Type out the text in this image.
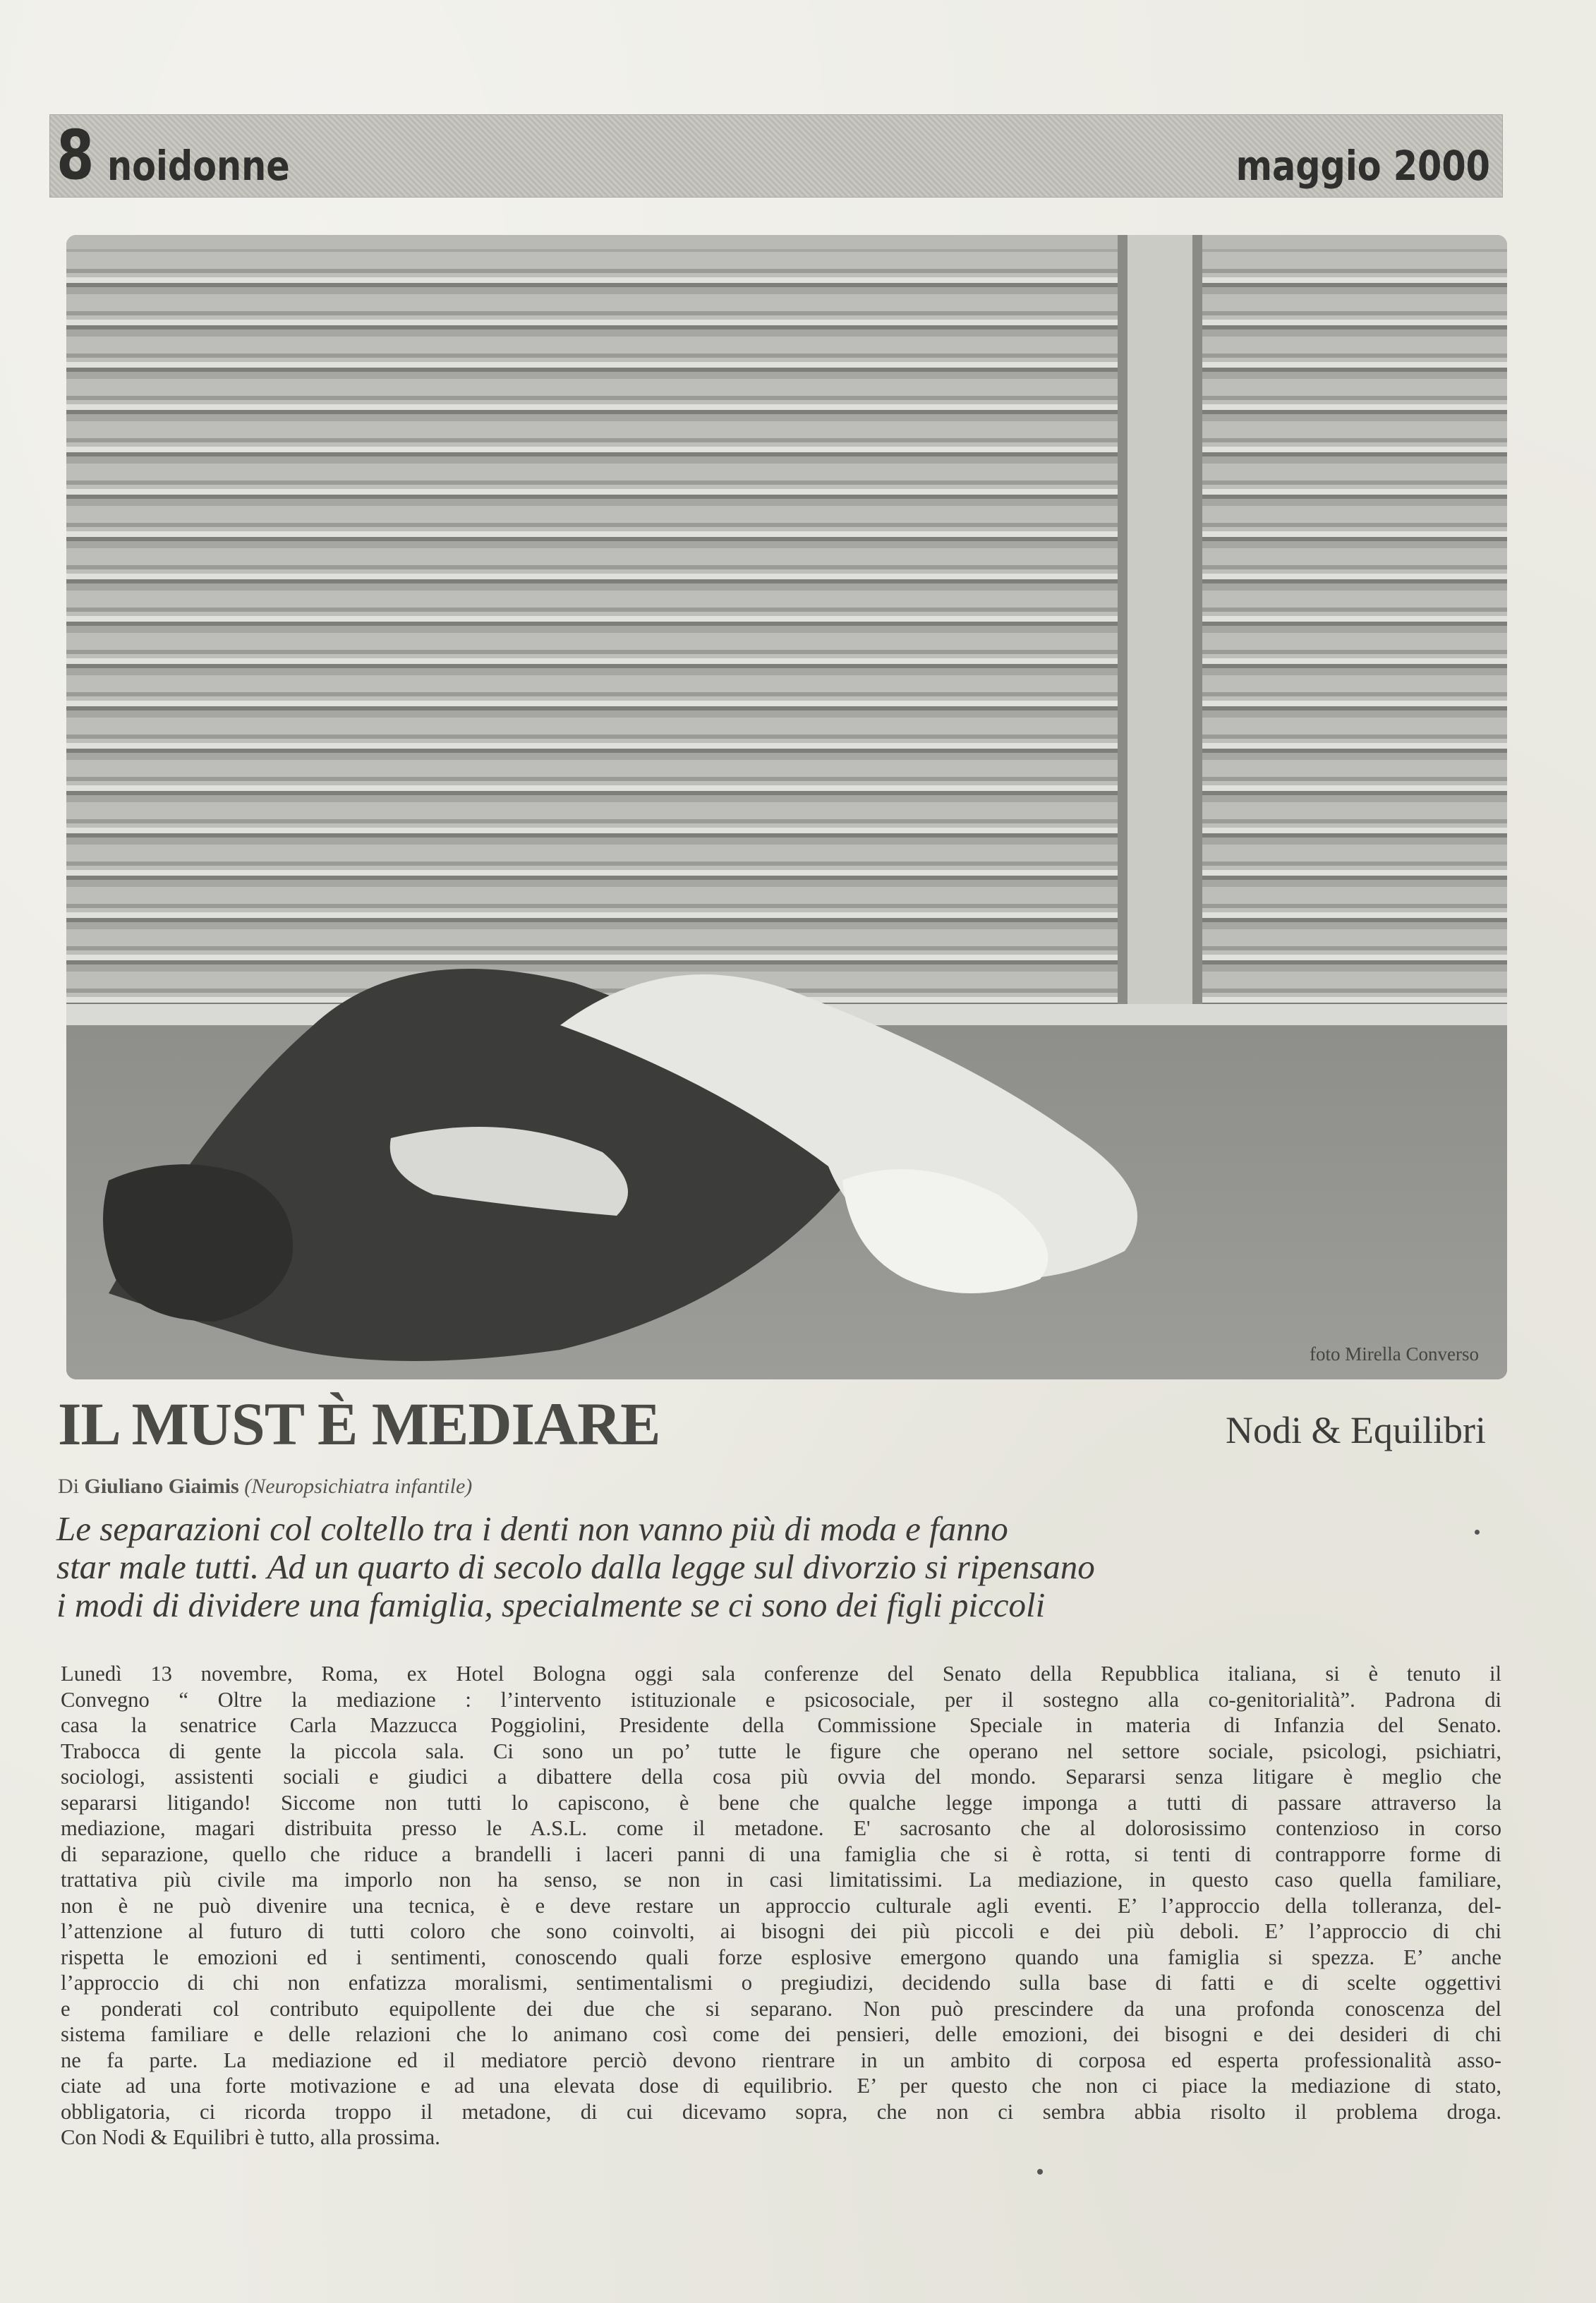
8 noidonne	maggio 2000
foto Mirella Converso
IL MUST È MEDIARE	Nodi & Equilibri
Di Giuliano Giaimis (Neuropsichiatra infantile)
Le separazioni col coltello tra i denti non vanno più di moda e fanno
star male tutti. Ad un quarto di secolo dalla legge sul divorzio si ripensano
i modi di dividere una famiglia, specialmente se ci sono dei figli piccoli
Lunedì 13 novembre, Roma, ex Hotel Bologna oggi sala conferenze del Senato della Repubblica italiana, si è tenuto il
Convegno “ Oltre la mediazione : l’intervento istituzionale e psicosociale, per il sostegno alla co-genitorialità”. Padrona di
casa la senatrice Carla Mazzucca Poggiolini, Presidente della Commissione Speciale in materia di Infanzia del Senato.
Trabocca di gente la piccola sala. Ci sono un po’ tutte le figure che operano nel settore sociale, psicologi, psichiatri,
sociologi, assistenti sociali e giudici a dibattere della cosa più ovvia del mondo. Separarsi senza litigare è meglio che
separarsi litigando! Siccome non tutti lo capiscono, è bene che qualche legge imponga a tutti di passare attraverso la
mediazione, magari distribuita presso le A.S.L. come il metadone. E' sacrosanto che al dolorosissimo contenzioso in corso
di separazione, quello che riduce a brandelli i laceri panni di una famiglia che si è rotta, si tenti di contrapporre forme di
trattativa più civile ma imporlo non ha senso, se non in casi limitatissimi. La mediazione, in questo caso quella familiare,
non è ne può divenire una tecnica, è e deve restare un approccio culturale agli eventi. E’ l’approccio della tolleranza, del-
l’attenzione al futuro di tutti coloro che sono coinvolti, ai bisogni dei più piccoli e dei più deboli. E’ l’approccio di chi
rispetta le emozioni ed i sentimenti, conoscendo quali forze esplosive emergono quando una famiglia si spezza. E’ anche
l’approccio di chi non enfatizza moralismi, sentimentalismi o pregiudizi, decidendo sulla base di fatti e di scelte oggettivi
e ponderati col contributo equipollente dei due che si separano. Non può prescindere da una profonda conoscenza del
sistema familiare e delle relazioni che lo animano così come dei pensieri, delle emozioni, dei bisogni e dei desideri di chi
ne fa parte. La mediazione ed il mediatore perciò devono rientrare in un ambito di corposa ed esperta professionalità asso-
ciate ad una forte motivazione e ad una elevata dose di equilibrio. E’ per questo che non ci piace la mediazione di stato,
obbligatoria, ci ricorda troppo il metadone, di cui dicevamo sopra, che non ci sembra abbia risolto il problema droga.
Con Nodi & Equilibri è tutto, alla prossima.
